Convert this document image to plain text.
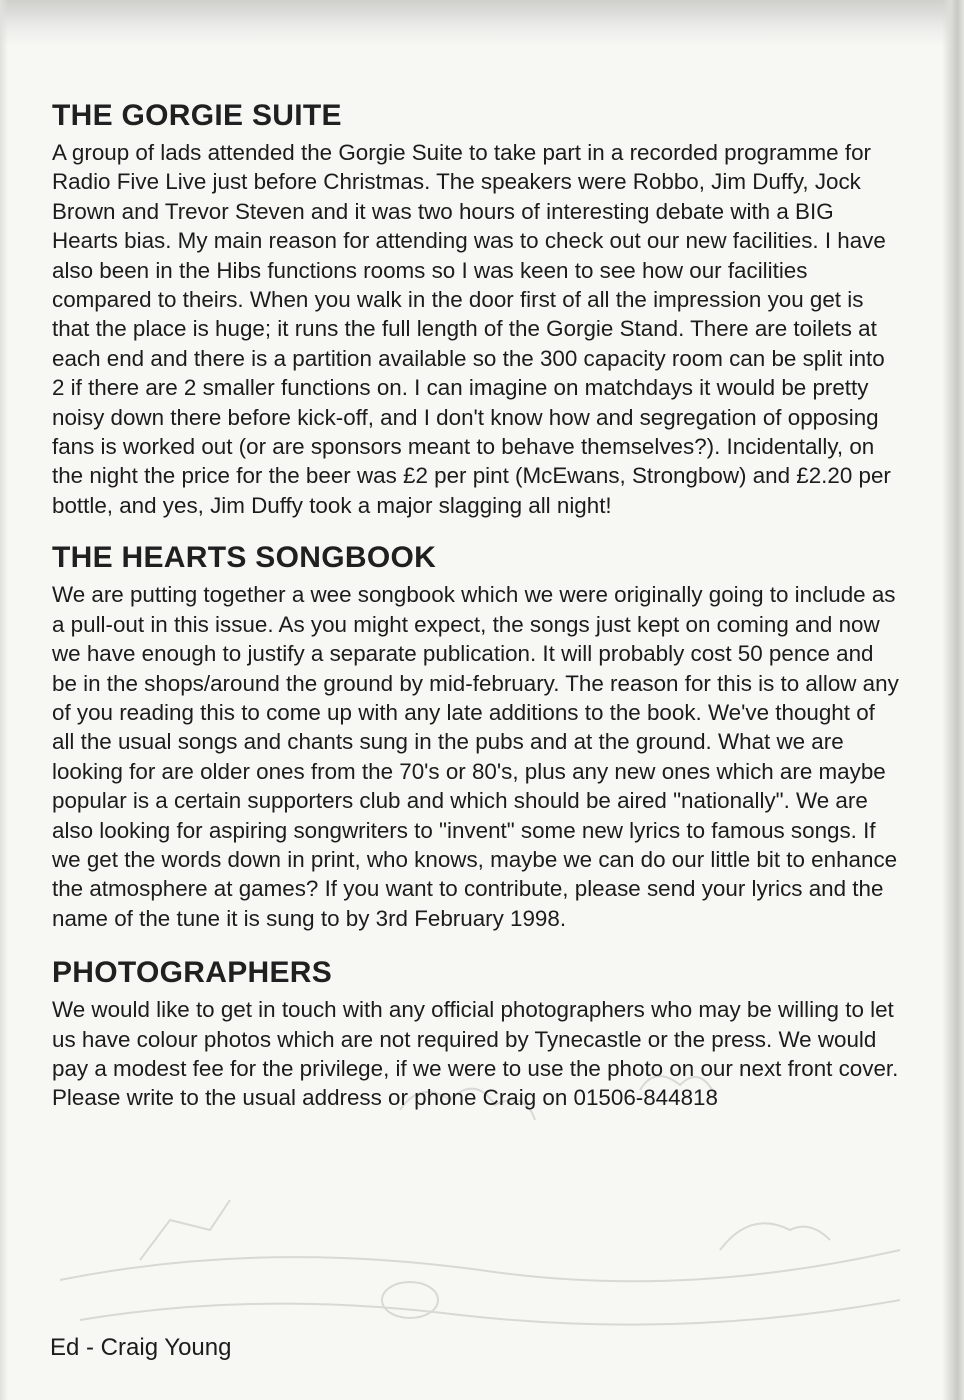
THE GORGIE SUITE

A group of lads attended the Gorgie Suite to take part in a recorded programme for Radio Five Live just before Christmas. The speakers were Robbo, Jim Duffy, Jock Brown and Trevor Steven and it was two hours of interesting debate with a BIG Hearts bias. My main reason for attending was to check out our new facilities. I have also been in the Hibs functions rooms so I was keen to see how our facilities compared to theirs. When you walk in the door first of all the impression you get is that the place is huge; it runs the full length of the Gorgie Stand. There are toilets at each end and there is a partition available so the 300 capacity room can be split into 2 if there are 2 smaller functions on. I can imagine on matchdays it would be pretty noisy down there before kick-off, and I don't know how and segregation of opposing fans is worked out (or are sponsors meant to behave themselves?). Incidentally, on the night the price for the beer was £2 per pint (McEwans, Strongbow) and £2.20 per bottle, and yes, Jim Duffy took a major slagging all night!

THE HEARTS SONGBOOK

We are putting together a wee songbook which we were originally going to include as a pull-out in this issue. As you might expect, the songs just kept on coming and now we have enough to justify a separate publication. It will probably cost 50 pence and be in the shops/around the ground by mid-february. The reason for this is to allow any of you reading this to come up with any late additions to the book. We've thought of all the usual songs and chants sung in the pubs and at the ground. What we are looking for are older ones from the 70's or 80's, plus any new ones which are maybe popular is a certain supporters club and which should be aired "nationally". We are also looking for aspiring songwriters to "invent" some new lyrics to famous songs. If we get the words down in print, who knows, maybe we can do our little bit to enhance the atmosphere at games? If you want to contribute, please send your lyrics and the name of the tune it is sung to by 3rd February 1998.

PHOTOGRAPHERS

We would like to get in touch with any official photographers who may be willing to let us have colour photos which are not required by Tynecastle or the press. We would pay a modest fee for the privilege, if we were to use the photo on our next front cover. Please write to the usual address or phone Craig on 01506-844818

Ed - Craig Young
